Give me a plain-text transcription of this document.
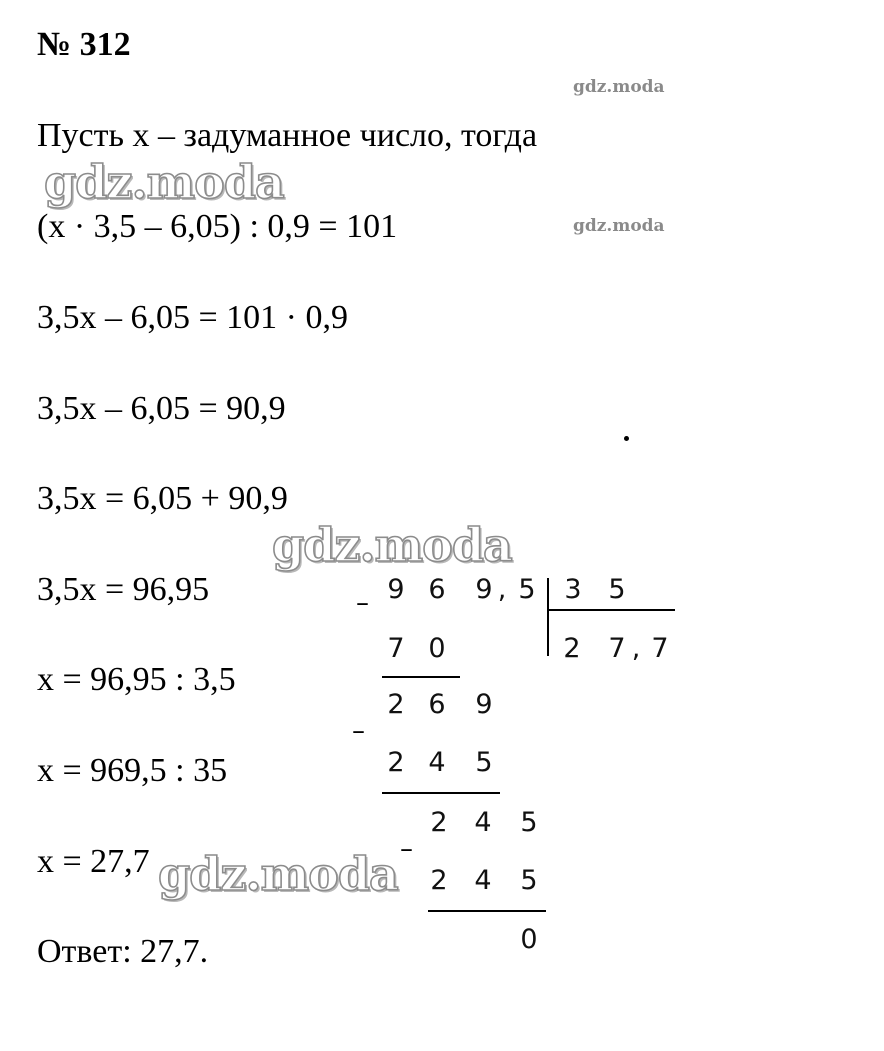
№ 312
Пусть x – задуманное число, тогда
(x · 3,5 – 6,05) : 0,9 = 101
3,5x – 6,05 = 101 · 0,9
3,5x – 6,05 = 90,9
3,5x = 6,05 + 90,9
3,5x = 96,95
x = 96,95 : 3,5
x = 969,5 : 35
x = 27,7
Ответ: 27,7.
9 6 9 , 5 3 5
2 7 , 7
–
7 0
2 6 9
–
2 4 5
2 4 5
–
2 4 5
0
gdz.moda
gdz.moda
gdz.moda
gdz.moda
gdz.moda
